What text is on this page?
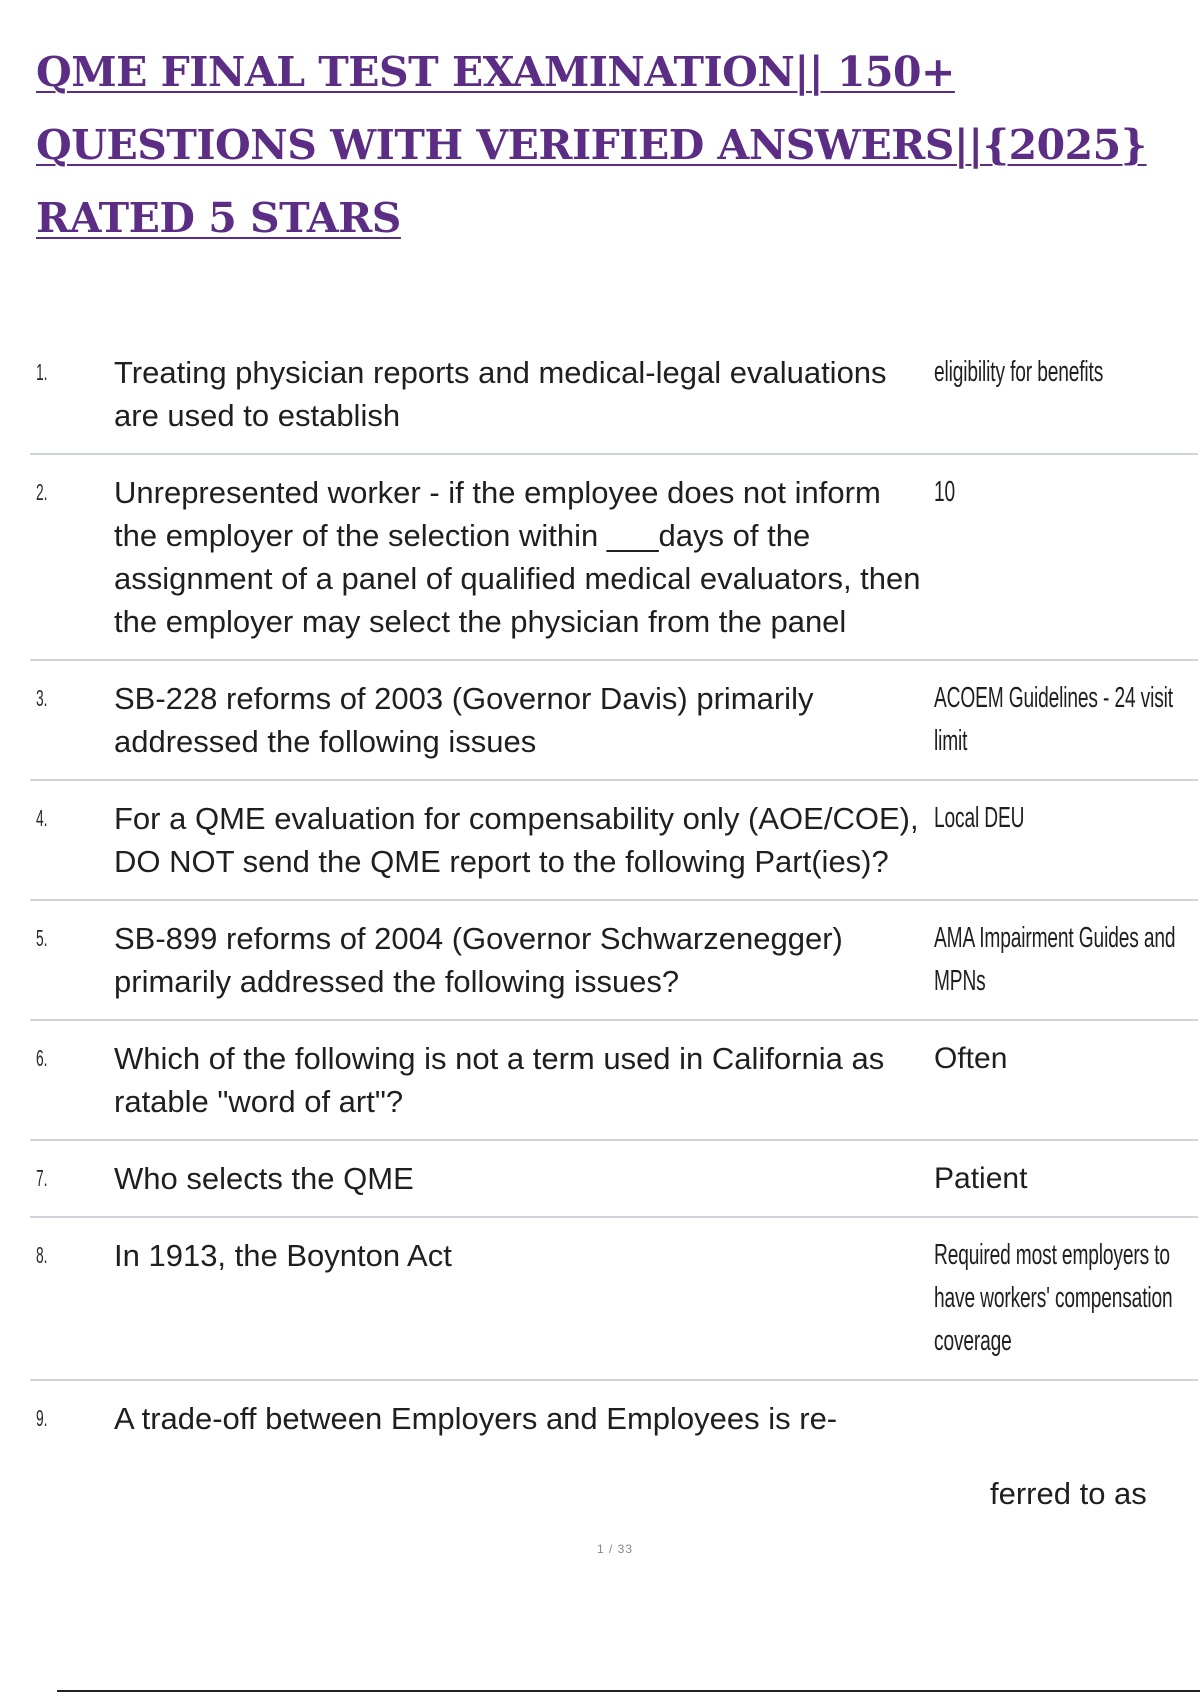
QME FINAL TEST EXAMINATION|| 150+ QUESTIONS WITH VERIFIED ANSWERS||{2025} RATED 5 STARS
1.	Treating physician reports and medical-legal evaluations are used to establish	eligibility for benefits
2.	Unrepresented worker - if the employee does not inform the employer of the selection within ___days of the assignment of a panel of qualified medical evaluators, then the employer may select the physician from the panel	10
3.	SB-228 reforms of 2003 (Governor Davis) primarily addressed the following issues	ACOEM Guidelines - 24 visit limit
4.	For a QME evaluation for compensability only (AOE/COE), DO NOT send the QME report to the following Part(ies)?	Local DEU
5.	SB-899 reforms of 2004 (Governor Schwarzenegger) primarily addressed the following issues?	AMA Impairment Guides and MPNs
6.	Which of the following is not a term used in California as ratable "word of art"?	Often
7.	Who selects the QME	Patient
8.	In 1913, the Boynton Act	Required most employers to have workers' compensation coverage
9.	A trade-off between Employers and Employees is re-	
ferred to as
1 / 33
